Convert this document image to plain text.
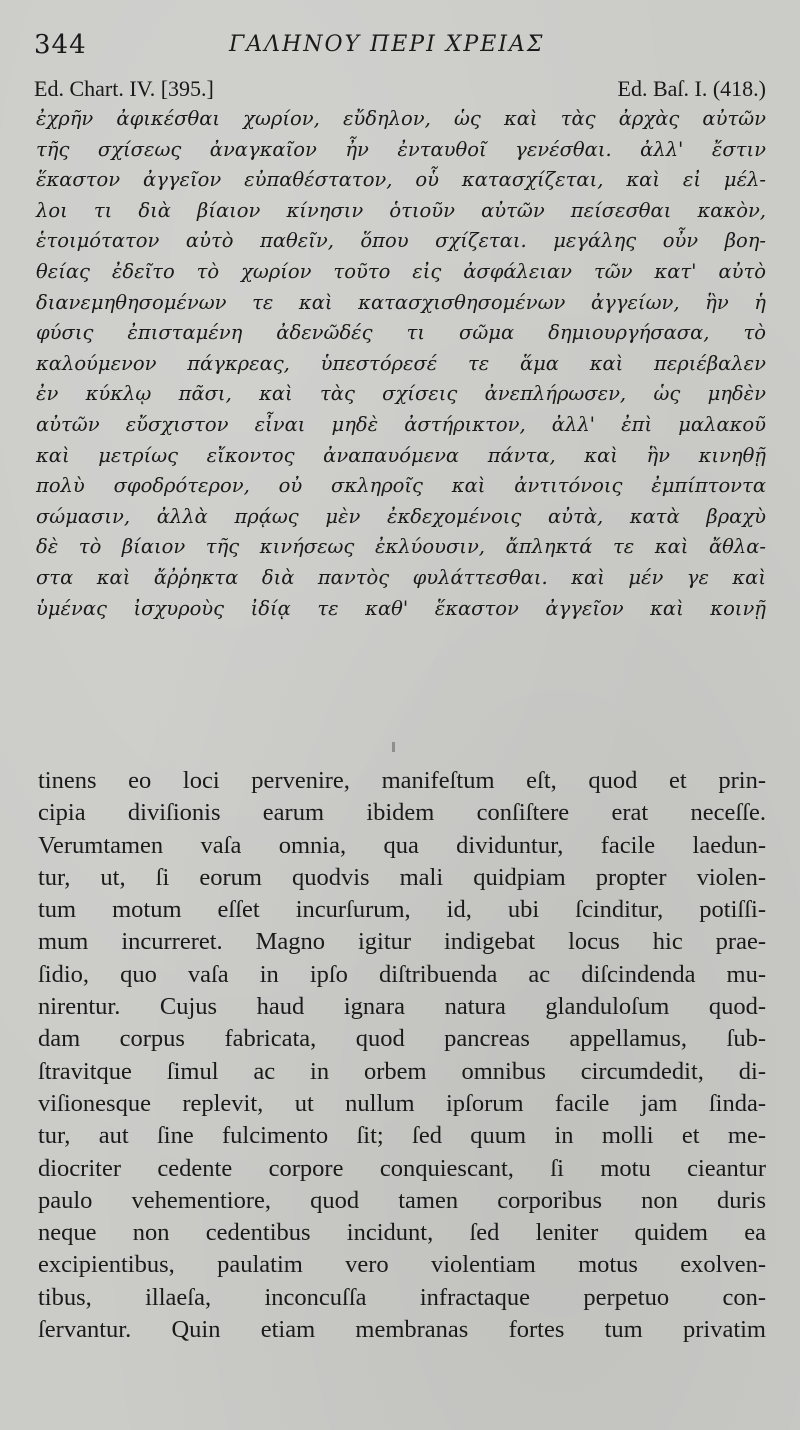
344	ΓΑΛΗΝΟΥ ΠΕΡΙ ΧΡΕΙΑΣ
Ed. Chart. IV. [395.]	Ed. Baſ. I. (418.)
ἐχρῆν ἀφικέσθαι χωρίον, εὔδηλον, ὡς καὶ τὰς ἀρχὰς αὐτῶν
τῆς σχίσεως ἀναγκαῖον ἦν ἐνταυθοῖ γενέσθαι. ἀλλ' ἔστιν
ἕκαστον ἀγγεῖον εὐπαθέστατον, οὗ κατασχίζεται, καὶ εἰ μέλ-
λοι τι διὰ βίαιον κίνησιν ὁτιοῦν αὐτῶν πείσεσθαι κακὸν,
ἑτοιμότατον αὐτὸ παθεῖν, ὅπου σχίζεται. μεγάλης οὖν βοη-
θείας ἐδεῖτο τὸ χωρίον τοῦτο εἰς ἀσφάλειαν τῶν κατ' αὐτὸ
διανεμηθησομένων τε καὶ κατασχισθησομένων ἀγγείων, ἣν ἡ
φύσις ἐπισταμένη ἀδενῶδές τι σῶμα δημιουργήσασα, τὸ
καλούμενον πάγκρεας, ὑπεστόρεσέ τε ἅμα καὶ περιέβαλεν
ἐν κύκλῳ πᾶσι, καὶ τὰς σχίσεις ἀνεπλήρωσεν, ὡς μηδὲν
αὐτῶν εὔσχιστον εἶναι μηδὲ ἀστήρικτον, ἀλλ' ἐπὶ μαλακοῦ
καὶ μετρίως εἴκοντος ἀναπαυόμενα πάντα, καὶ ἣν κινηθῇ
πολὺ σφοδρότερον, οὐ σκληροῖς καὶ ἀντιτόνοις ἐμπίπτοντα
σώμασιν, ἀλλὰ πρᾴως μὲν ἐκδεχομένοις αὐτὰ, κατὰ βραχὺ
δὲ τὸ βίαιον τῆς κινήσεως ἐκλύουσιν, ἄπληκτά τε καὶ ἄθλα-
στα καὶ ἄῤῥηκτα διὰ παντὸς φυλάττεσθαι. καὶ μέν γε καὶ
ὑμένας ἰσχυροὺς ἰδίᾳ τε καθ' ἕκαστον ἀγγεῖον καὶ κοινῇ
tinens eo loci pervenire, manifeſtum eſt, quod et prin-
cipia diviſionis earum ibidem conſiſtere erat neceſſe.
Verumtamen vaſa omnia, qua dividuntur, facile laedun-
tur, ut, ſi eorum quodvis mali quidpiam propter violen-
tum motum eſſet incurſurum, id, ubi ſcinditur, potiſſi-
mum incurreret. Magno igitur indigebat locus hic prae-
ſidio, quo vaſa in ipſo diſtribuenda ac diſcindenda mu-
nirentur. Cujus haud ignara natura glanduloſum quod-
dam corpus fabricata, quod pancreas appellamus, ſub-
ſtravitque ſimul ac in orbem omnibus circumdedit, di-
viſionesque replevit, ut nullum ipſorum facile jam ſinda-
tur, aut ſine fulcimento ſit; ſed quum in molli et me-
diocriter cedente corpore conquiescant, ſi motu cieantur
paulo vehementiore, quod tamen corporibus non duris
neque non cedentibus incidunt, ſed leniter quidem ea
excipientibus, paulatim vero violentiam motus exolven-
tibus, illaeſa, inconcuſſa infractaque perpetuo con-
ſervantur. Quin etiam membranas fortes tum privatim
